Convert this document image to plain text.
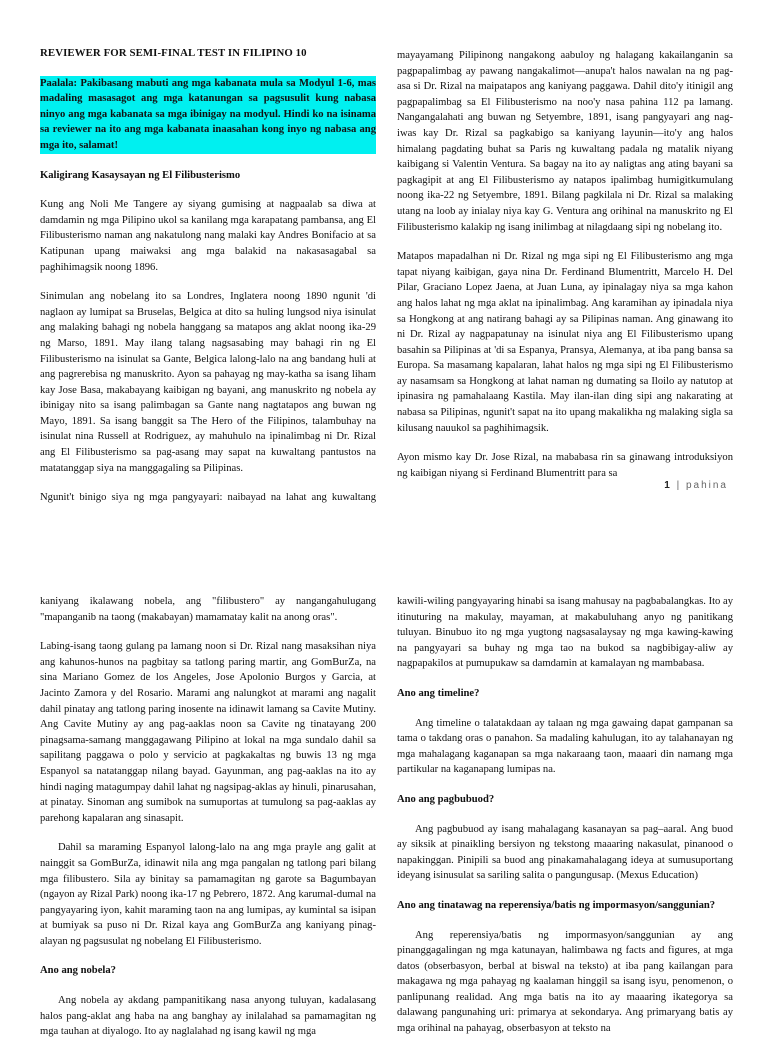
REVIEWER FOR SEMI-FINAL TEST IN FILIPINO 10
Paalala: Pakibasang mabuti ang mga kabanata mula sa Modyul 1-6, mas madaling masasagot ang mga katanungan sa pagsusulit kung nabasa ninyo ang mga kabanata sa mga ibinigay na modyul. Hindi ko na isinama sa reviewer na ito ang mga kabanata inaasahan kong inyo ng nabasa ang mga ito, salamat!
Kaligirang Kasaysayan ng El Filibusterismo

Kung ang Noli Me Tangere ay siyang gumising at nagpaalab sa diwa at damdamin ng mga Pilipino ukol sa kanilang mga karapatang pambansa, ang El Filibusterismo naman ang nakatulong nang malaki kay Andres Bonifacio at sa Katipunan upang maiwaksi ang mga balakid na nakasasagabal sa paghihimagsik noong 1896.

Sinimulan ang nobelang ito sa Londres, Inglatera noong 1890 ngunit 'di naglaon ay lumipat sa Bruselas, Belgica at dito sa huling lungsod niya isinulat ang malaking bahagi ng nobela hanggang sa matapos ang aklat noong ika-29 ng Marso, 1891. May ilang talang nagsasabing may bahagi rin ng El Filibusterismo na isinulat sa Gante, Belgica lalong-lalo na ang bandang huli at ang pagrerebisa ng manuskrito. Ayon sa pahayag ng may-katha sa isang liham kay Jose Basa, makabayang kaibigan ng bayani, ang manuskrito ng nobela ay ibinigay nito sa isang palimbagan sa Gante nang nagtatapos ang buwan ng Mayo, 1891. Sa isang banggit sa The Hero of the Filipinos, talambuhay na isinulat nina Russell at Rodriguez, ay mahuhulo na ipinalimbag ni Dr. Rizal ang El Filibusterismo sa pag-asang may sapat na kuwaltang pantustos na matatanggap siya na manggagaling sa Pilipinas.

Ngunit't binigo siya ng mga pangyayari: naibayad na lahat ang kuwaltang

mayayamang Pilipinong nangakong aabuloy ng halagang kakailanganin sa pagpapalimbag ay pawang nangakalimot—anupa't halos nawalan na ng pag-asa si Dr. Rizal na maipatapos ang kaniyang paggawa. Dahil dito'y itinigil ang pagpapalimbag sa El Filibusterismo na noo'y nasa pahina 112 pa lamang. Nangangalahati ang buwan ng Setyembre, 1891, isang pangyayari ang nag-iwas kay Dr. Rizal sa pagkabigo sa kaniyang layunin—ito'y ang halos himalang pagdating buhat sa Paris ng kuwaltang padala ng matalik niyang kaibigang si Valentin Ventura. Sa bagay na ito ay naligtas ang ating bayani sa pagkagipit at ang El Filibusterismo ay natapos ipalimbag humigitkumulang noong ika-22 ng Setyembre, 1891. Bilang pagkilala ni Dr. Rizal sa malaking utang na loob ay inialay niya kay G. Ventura ang orihinal na manuskrito ng El Filibusterismo kalakip ng isang inilimbag at nilagdaang sipi ng nobelang ito.

Matapos mapadalhan ni Dr. Rizal ng mga sipi ng El Filibusterismo ang mga tapat niyang kaibigan, gaya nina Dr. Ferdinand Blumentritt, Marcelo H. Del Pilar, Graciano Lopez Jaena, at Juan Luna, ay ipinalagay niya sa mga kahon ang halos lahat ng mga aklat na ipinalimbag. Ang karamihan ay ipinadala niya sa Hongkong at ang natirang bahagi ay sa Pilipinas naman. Ang ginawang ito ni Dr. Rizal ay nagpapatunay na isinulat niya ang El Filibusterismo upang basahin sa Pilipinas at 'di sa Espanya, Pransya, Alemanya, at iba pang bansa sa Europa. Sa masamang kapalaran, lahat halos ng mga sipi ng El Filibusterismo ay nasamsam sa Hongkong at lahat naman ng dumating sa Iloilo ay natutop at ipinasira ng pamahalaang Kastila. May ilan-ilan ding sipi ang nakarating at nabasa sa Pilipinas, ngunit't sapat na ito upang makalikha ng malaking sigla sa kilusang nauukol sa paghihimagsik.

Ayon mismo kay Dr. Jose Rizal, na mababasa rin sa ginawang introduksiyon ng kaibigan niyang si Ferdinand Blumentritt para sa

1 | pahina

kaniyang ikalawang nobela, ang "filibustero" ay nangangahulugang "mapanganib na taong (makabayan) mamamatay kalit na anong oras".

Labing-isang taong gulang pa lamang noon si Dr. Rizal nang masaksihan niya ang kahunos-hunos na pagbitay sa tatlong paring martir, ang GomBurZa, na sina Mariano Gomez de los Angeles, Jose Apolonio Burgos y Garcia, at Jacinto Zamora y del Rosario. Marami ang nalungkot at marami ang nagalit dahil pinatay ang tatlong paring inosente na idinawit lamang sa Cavite Mutiny. Ang Cavite Mutiny ay ang pag-aaklas noon sa Cavite ng tinatayang 200 pinagsama-samang manggagawang Pilipino at lokal na mga sundalo dahil sa sapilitang paggawa o polo y servicio at pagkakaltas ng buwis 13 ng mga Espanyol sa natatanggap nilang bayad. Gayunman, ang pag-aaklas na ito ay hindi naging matagumpay dahil lahat ng nagsipag-aklas ay hinuli, pinarusahan, at pinatay. Sinoman ang sumibok na sumuportas at tumulong sa pag-aaklas ay parehong kapalaran ang sinasapit.

Dahil sa maraming Espanyol lalong-lalo na ang mga prayle ang galit at nainggit sa GomBurZa, idinawit nila ang mga pangalan ng tatlong pari bilang mga filibustero. Sila ay binitay sa pamamagitan ng garote sa Bagumbayan (ngayon ay Rizal Park) noong ika-17 ng Pebrero, 1872. Ang karumal-dumal na pangyayaring iyon, kahit maraming taon na ang lumipas, ay kumintal sa isipan at bumiyak sa puso ni Dr. Rizal kaya ang GomBurZa ang kaniyang pinag-alayan ng pagsusulat ng nobelang El Filibusterismo.

Ano ang nobela?

Ang nobela ay akdang pampanitikang nasa anyong tuluyan, kadalasang halos pang-aklat ang haba na ang banghay ay inilalahad sa pamamagitan ng mga tauhan at diyalogo. Ito ay naglalahad ng isang kawil ng mga

kawili-wiling pangyayaring hinabi sa isang mahusay na pagbabalangkas. Ito ay itinuturing na makulay, mayaman, at makabuluhang anyo ng panitikang tuluyan. Binubuo ito ng mga yugtong nagsasalaysay ng mga kawing-kawing na pangyayari sa buhay ng mga tao na bukod sa nagbibigay-aliw ay nagpapakilos at pumupukaw sa damdamin at kamalayan ng mambabasa.

Ano ang timeline?

Ang timeline o talatakdaan ay talaan ng mga gawaing dapat gampanan sa tama o takdang oras o panahon. Sa madaling kahulugan, ito ay talahanayan ng mga mahalagang kaganapan sa mga nakaraang taon, maaari din namang mga partikular na kaganapang lumipas na.

Ano ang pagbubuod?

Ang pagbubuod ay isang mahalagang kasanayan sa pag–aaral. Ang buod ay siksik at pinaikling bersiyon ng tekstong maaaring nakasulat, pinanood o napakinggan. Pinipili sa buod ang pinakamahalagang ideya at sumusuportang ideyang isinusulat sa sariling salita o pangungusap. (Mexus Education)

Ano ang tinatawag na reperensiya/batis ng impormasyon/sanggunian?

Ang reperensiya/batis ng impormasyon/sanggunian ay ang pinanggagalingan ng mga katunayan, halimbawa ng facts and figures, at mga datos (obserbasyon, berbal at biswal na teksto) at iba pang kailangan para makagawa ng mga pahayag ng kaalaman hinggil sa isang isyu, penomenon, o panlipunang realidad. Ang mga batis na ito ay maaaring ikategorya sa dalawang pangunahing uri: primarya at sekondarya. Ang primaryang batis ay mga orihinal na pahayag, obserbasyon at teksto na
